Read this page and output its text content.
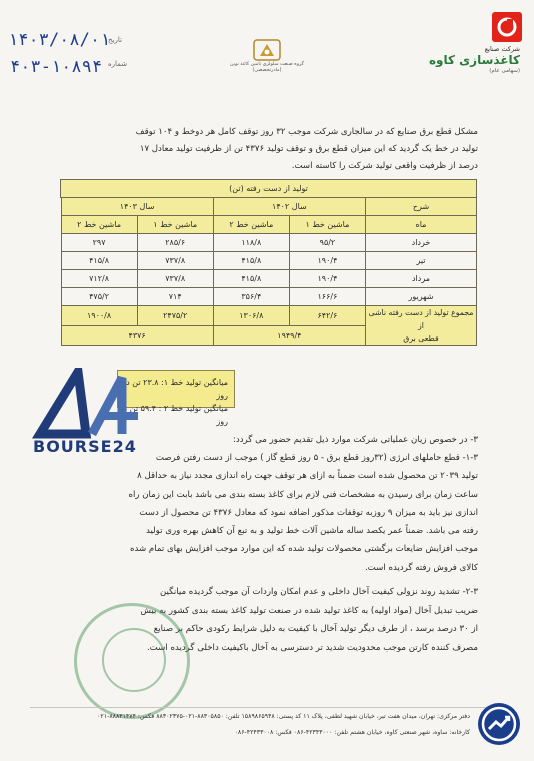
۱۴۰۳/۰۸/۰۱
تاریخ
۴۰۳-۱۰۸۹۴ شماره	گروه صنعت سلولزی تامین کاغذ نوین
(مادرتخصصی)
شرکت صنایع
کاغذسازی کاوه
(سهامی عام)
مشکل قطع برق صنایع که در سالجاری شرکت موجب ۳۲ روز توقف کامل هر دوخط و ۱۰۴ توقف
تولید در خط یک گردید که این میزان قطع برق و توقف تولید ۴۳۷۶ تن از ظرفیت تولید معادل ۱۷
درصد از ظرفیت واقعی تولید شرکت را کاسته است.
تولید از دست رفته (تن)					
شرح	سال ۱۴۰۲		سال ۱۴۰۳		
ماه	ماشین خط ۱	ماشین خط ۲	ماشین خط ۱	ماشین خط ۲	
خرداد	۹۵/۲	۱۱۸/۸	۲۸۵/۶	۲۹۷	
تیر	۱۹۰/۴	۴۱۵/۸	۷۳۷/۸	۴۱۵/۸	
مرداد	۱۹۰/۴	۴۱۵/۸	۷۳۷/۸	۷۱۲/۸	
شهریور	۱۶۶/۶	۳۵۶/۴	۷۱۴	۴۷۵/۲	

مجموع تولید از دست رفته ناشی از
قطعی برق	۶۴۲/۶	۱۳۰۶/۸	۲۴۷۵/۲	۱۹۰۰/۸	
	۱۹۴۹/۴		۴۳۷۶		
میانگین تولید خط ۱: ۲۳.۸ تن در روز
میانگین تولید خط ۲ : ۵۹.۴ تن در روز
BOURSE24	۳- در خصوص زیان عملیاتی شرکت موارد ذیل تقدیم حضور می گردد:
۱-۳- قطع حاملهای انرژی (۳۲روز قطع برق - ۵ روز قطع گاز ) موجب از دست رفتن فرصت
تولید ۲۰۳۹ تن محصول شده است ضمناً به ازای هر توقف جهت راه اندازی مجدد نیاز به حداقل ۸
ساعت زمان برای رسیدن به مشخصات فنی لازم برای کاغذ بسته بندی می باشد بابت این زمان راه
اندازی نیز باید به میزان ۹ روزبه توقفات مذکور اضافه نمود که معادل ۴۳۷۶ تن محصول از دست
رفته می باشد. ضمناً عمر یکصد ساله ماشین آلات خط تولید و به تبع آن کاهش بهره وری تولید
موجب افزایش ضایعات برگشتی محصولات تولید شده که این موارد موجب افزایش بهای تمام شده
کالای فروش رفته گردیده است.
۲-۳- تشدید روند نزولی کیفیت آخال داخلی و عدم امکان واردات آن موجب گردیده میانگین
ضریب تبدیل آخال (مواد اولیه) به کاغذ تولید شده در صنعت تولید کاغذ بسته بندی کشور به بیش
از ۳۰ درصد برسد ، از طرف دیگر تولید آخال با کیفیت به دلیل شرایط رکودی حاکم بر صنایع
مصرف کننده کارتن موجب محدودیت شدید تر دسترسی به آخال باکیفیت داخلی گردیده است.
دفتر مرکزی: تهران، میدان هفت تیر، خیابان شهید لطفی، پلاک ۱۱ کد پستی: ۱۵۸۹۸۶۵۹۴۸ تلفن: ۸۸۳۰۵۸۵۰-۰۲۱-۸۸۳۰۲۳۷۵ فکس: ۸۸۸۳۱۴۷۴-۰۲۱
کارخانه: ساوه، شهر صنعتی کاوه، خیابان هشتم تلفن: ۴۲۳۴۳۰۰۰-۰۸۶ فکس: ۴۲۴۳۳۰۰۸-۰۸۶
